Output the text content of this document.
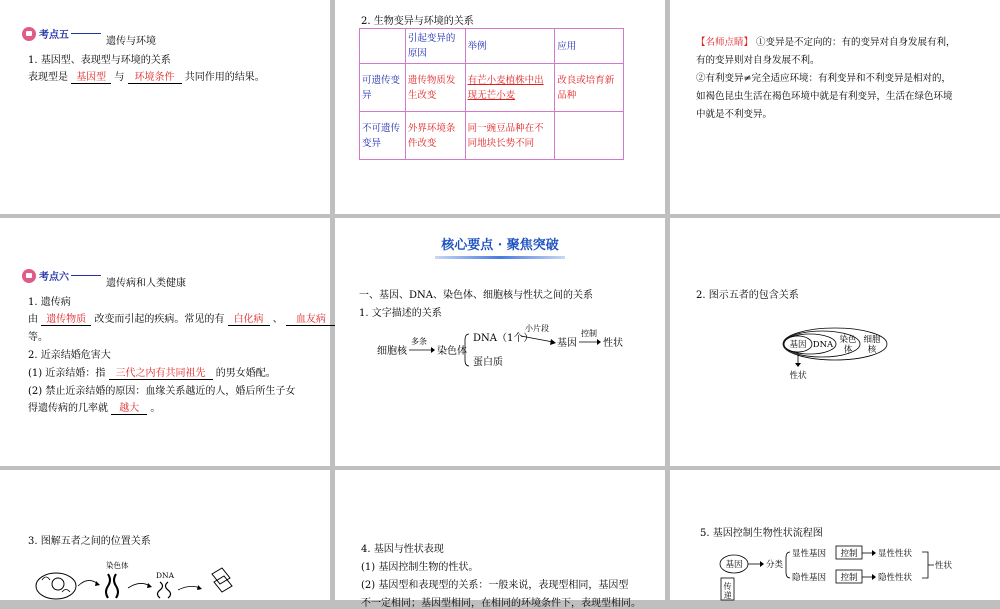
考点五
遗传与环境
1. 基因型、表现型与环境的关系
表现型是 基因型 与 环境条件 共同作用的结果。
2. 生物变异与环境的关系
	引起变异的原因	举例	应用
可遗传变异	遗传物质发生改变	有芒小麦植株中出现无芒小麦	改良或培育新品种
不可遗传变异	外界环境条件改变	同一豌豆品种在不同地块长势不同	
【名师点睛】 ①变异是不定向的：有的变异对自身发展有利，
有的变异则对自身发展不利。
②有利变异≠完全适应环境：有利变异和不利变异是相对的，
如褐色昆虫生活在褐色环境中就是有利变异，生活在绿色环境
中就是不利变异。
考点六
遗传病和人类健康
1. 遗传病
由 遗传物质 改变而引起的疾病。常见的有 白化病 、 血友病
等。
2. 近亲结婚危害大
(1) 近亲结婚：指 三代之内有共同祖先 的男女婚配。
(2) 禁止近亲结婚的原因：血缘关系越近的人，婚后所生子女
得遗传病的几率就 越大 。
核心要点 · 聚焦突破
一、基因、DNA、染色体、细胞核与性状之间的关系
1. 文字描述的关系
细胞核
多条
染色体
DNA（1个）
蛋白质
小片段
基因
控制
性状
2. 图示五者的包含关系
基因 DNA 染色
体
细胞
核
性状
3. 图解五者之间的位置关系
染色体
DNA
4. 基因与性状表现
(1) 基因控制生物的性状。
(2) 基因型和表现型的关系：一般来说，表现型相同，基因型
不一定相同；基因型相同，在相同的环境条件下，表现型相同。
5. 基因控制生物性状流程图
基因	分类
显性基因
隐性基因
控制
控制
显性性状
隐性性状
性状
传递
